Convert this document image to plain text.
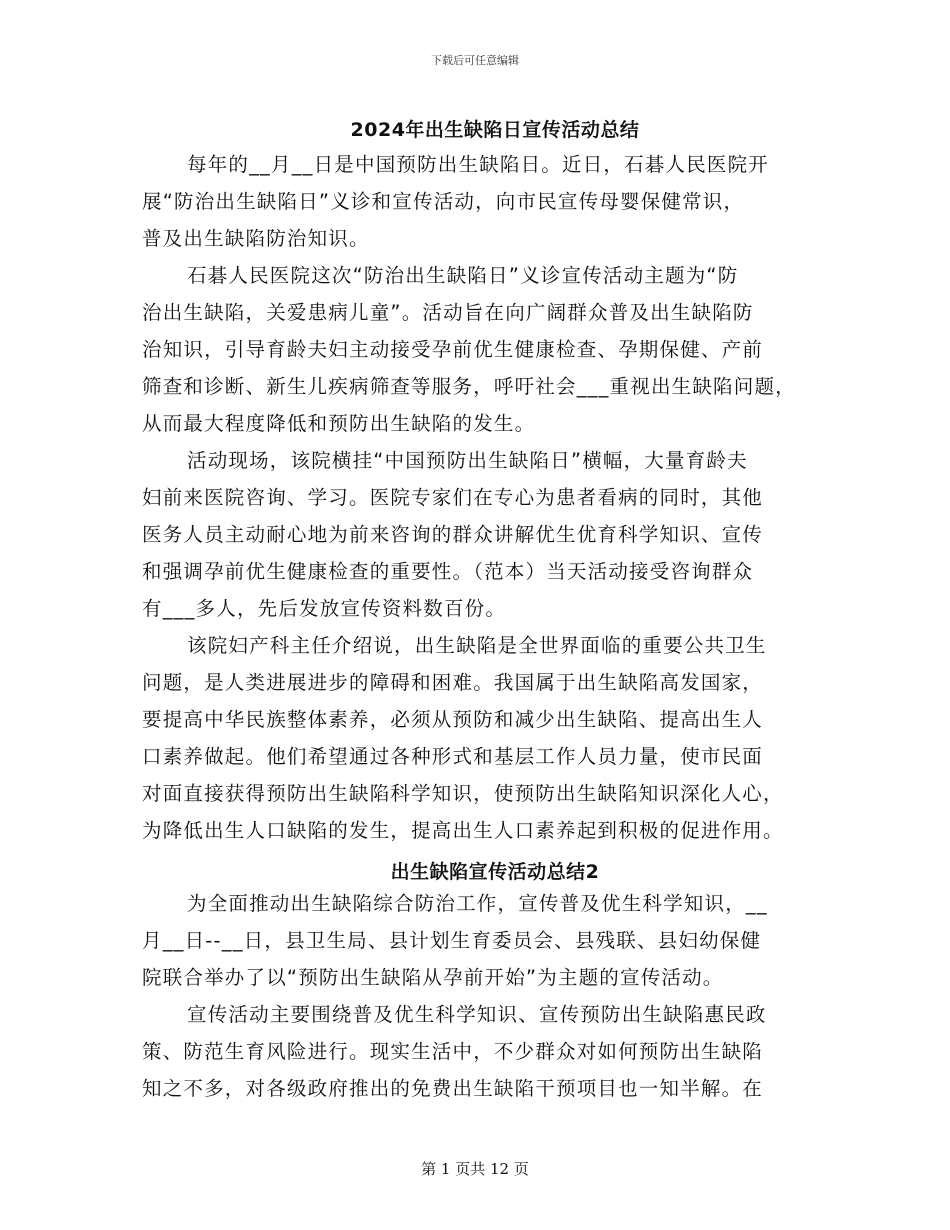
下载后可任意编辑
2024年出生缺陷日宣传活动总结
每年的__月__日是中国预防出生缺陷日。近日，石碁人民医院开
展“防治出生缺陷日”义诊和宣传活动，向市民宣传母婴保健常识，
普及出生缺陷防治知识。
石碁人民医院这次“防治出生缺陷日”义诊宣传活动主题为“防
治出生缺陷，关爱患病儿童”。活动旨在向广阔群众普及出生缺陷防
治知识，引导育龄夫妇主动接受孕前优生健康检查、孕期保健、产前
筛查和诊断、新生儿疾病筛查等服务，呼吁社会___重视出生缺陷问题，
从而最大程度降低和预防出生缺陷的发生。
活动现场，该院横挂“中国预防出生缺陷日”横幅，大量育龄夫
妇前来医院咨询、学习。医院专家们在专心为患者看病的同时，其他
医务人员主动耐心地为前来咨询的群众讲解优生优育科学知识、宣传
和强调孕前优生健康检查的重要性。（范本）当天活动接受咨询群众
有___多人，先后发放宣传资料数百份。
该院妇产科主任介绍说，出生缺陷是全世界面临的重要公共卫生
问题，是人类进展进步的障碍和困难。我国属于出生缺陷高发国家，
要提高中华民族整体素养，必须从预防和减少出生缺陷、提高出生人
口素养做起。他们希望通过各种形式和基层工作人员力量，使市民面
对面直接获得预防出生缺陷科学知识，使预防出生缺陷知识深化人心，
为降低出生人口缺陷的发生，提高出生人口素养起到积极的促进作用。
出生缺陷宣传活动总结2
为全面推动出生缺陷综合防治工作，宣传普及优生科学知识，__
月__日--__日，县卫生局、县计划生育委员会、县残联、县妇幼保健
院联合举办了以“预防出生缺陷从孕前开始”为主题的宣传活动。
宣传活动主要围绕普及优生科学知识、宣传预防出生缺陷惠民政
策、防范生育风险进行。现实生活中，不少群众对如何预防出生缺陷
知之不多，对各级政府推出的免费出生缺陷干预项目也一知半解。在
第 1 页共 12 页
